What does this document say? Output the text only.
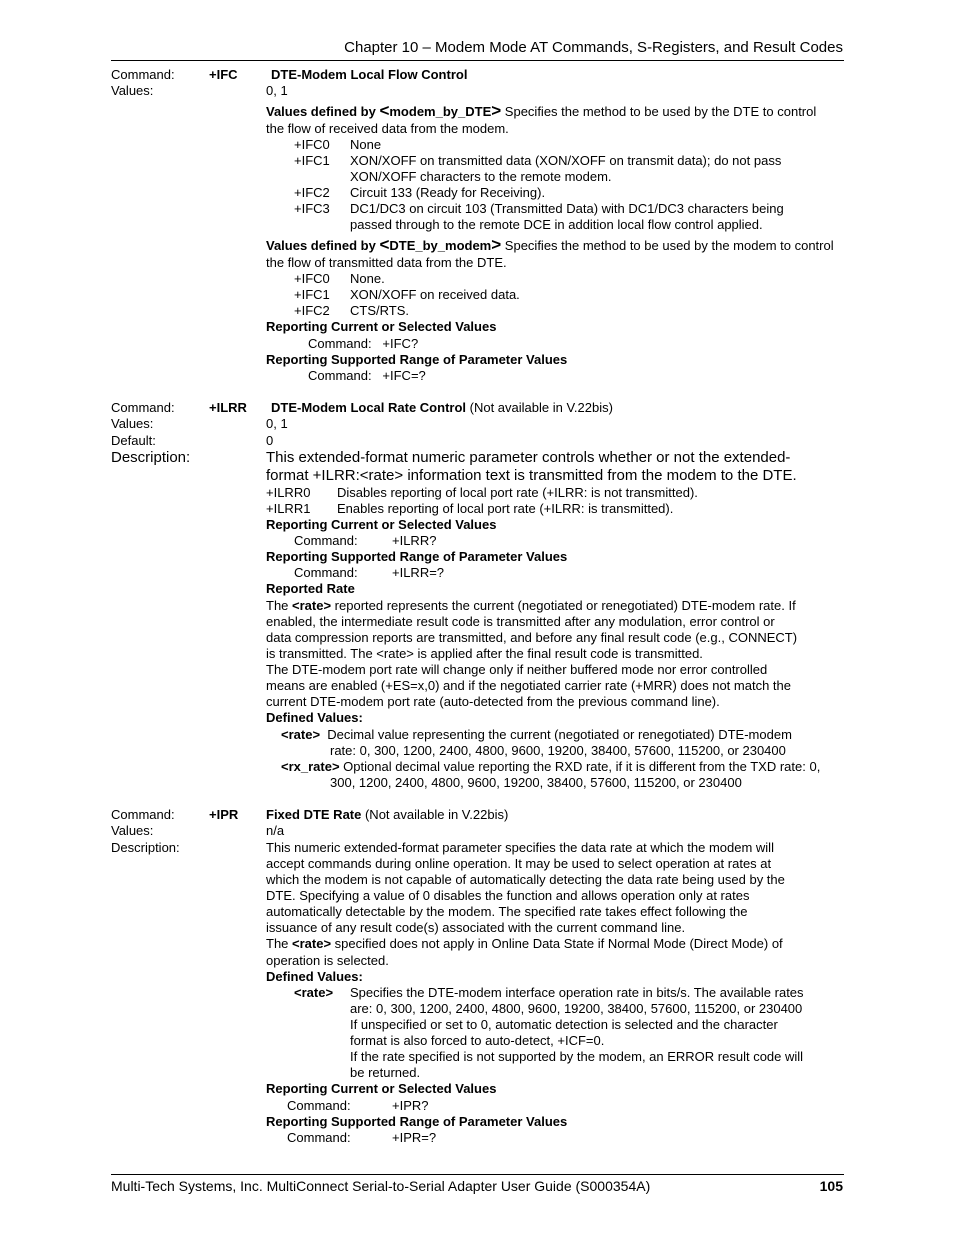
Chapter 10 – Modem Mode AT Commands, S-Registers, and Result Codes
Command:	+IFC	DTE-Modem Local Flow Control
Values:	0, 1
Values defined by <modem_by_DTE> Specifies the method to be used by the DTE to control
the flow of received data from the modem.
+IFC0 None
+IFC1 XON/XOFF on transmitted data (XON/XOFF on transmit data); do not pass
XON/XOFF characters to the remote modem.
+IFC2 Circuit 133 (Ready for Receiving).
+IFC3 DC1/DC3 on circuit 103 (Transmitted Data) with DC1/DC3 characters being
passed through to the remote DCE in addition local flow control applied.
Values defined by <DTE_by_modem> Specifies the method to be used by the modem to control
the flow of transmitted data from the DTE.
+IFC0 None.
+IFC1 XON/XOFF on received data.
+IFC2 CTS/RTS.
Reporting Current or Selected Values
Command:   +IFC?
Reporting Supported Range of Parameter Values
Command:   +IFC=?
Command:	+ILRR DTE-Modem Local Rate Control (Not available in V.22bis)
Values:	0, 1
Default:	0
Description:	This extended-format numeric parameter controls whether or not the extended-
format +ILRR:<rate> information text is transmitted from the modem to the DTE.
+ILRR0 Disables reporting of local port rate (+ILRR: is not transmitted).
+ILRR1 Enables reporting of local port rate (+ILRR: is transmitted).
Reporting Current or Selected Values
Command:	+ILRR?
Reporting Supported Range of Parameter Values
Command:	+ILRR=?
Reported Rate
The <rate> reported represents the current (negotiated or renegotiated) DTE-modem rate. If
enabled, the intermediate result code is transmitted after any modulation, error control or
data compression reports are transmitted, and before any final result code (e.g., CONNECT)
is transmitted. The <rate> is applied after the final result code is transmitted.
The DTE-modem port rate will change only if neither buffered mode nor error controlled
means are enabled (+ES=x,0) and if the negotiated carrier rate (+MRR) does not match the
current DTE-modem port rate (auto-detected from the previous command line).
Defined Values:
<rate>  Decimal value representing the current (negotiated or renegotiated) DTE-modem
rate: 0, 300, 1200, 2400, 4800, 9600, 19200, 38400, 57600, 115200, or 230400
<rx_rate> Optional decimal value reporting the RXD rate, if it is different from the TXD rate: 0,
300, 1200, 2400, 4800, 9600, 19200, 38400, 57600, 115200, or 230400
Command:	+IPR Fixed DTE Rate (Not available in V.22bis)
Values:	n/a
Description:	This numeric extended-format parameter specifies the data rate at which the modem will
accept commands during online operation. It may be used to select operation at rates at
which the modem is not capable of automatically detecting the data rate being used by the
DTE. Specifying a value of 0 disables the function and allows operation only at rates
automatically detectable by the modem. The specified rate takes effect following the
issuance of any result code(s) associated with the current command line.
The <rate> specified does not apply in Online Data State if Normal Mode (Direct Mode) of
operation is selected.
Defined Values:
<rate> Specifies the DTE-modem interface operation rate in bits/s. The available rates
are: 0, 300, 1200, 2400, 4800, 9600, 19200, 38400, 57600, 115200, or 230400
If unspecified or set to 0, automatic detection is selected and the character
format is also forced to auto-detect, +ICF=0.
If the rate specified is not supported by the modem, an ERROR result code will
be returned.
Reporting Current or Selected Values
Command:	+IPR?
Reporting Supported Range of Parameter Values
Command:	+IPR=?
Multi-Tech Systems, Inc. MultiConnect Serial-to-Serial Adapter User Guide (S000354A)	105
